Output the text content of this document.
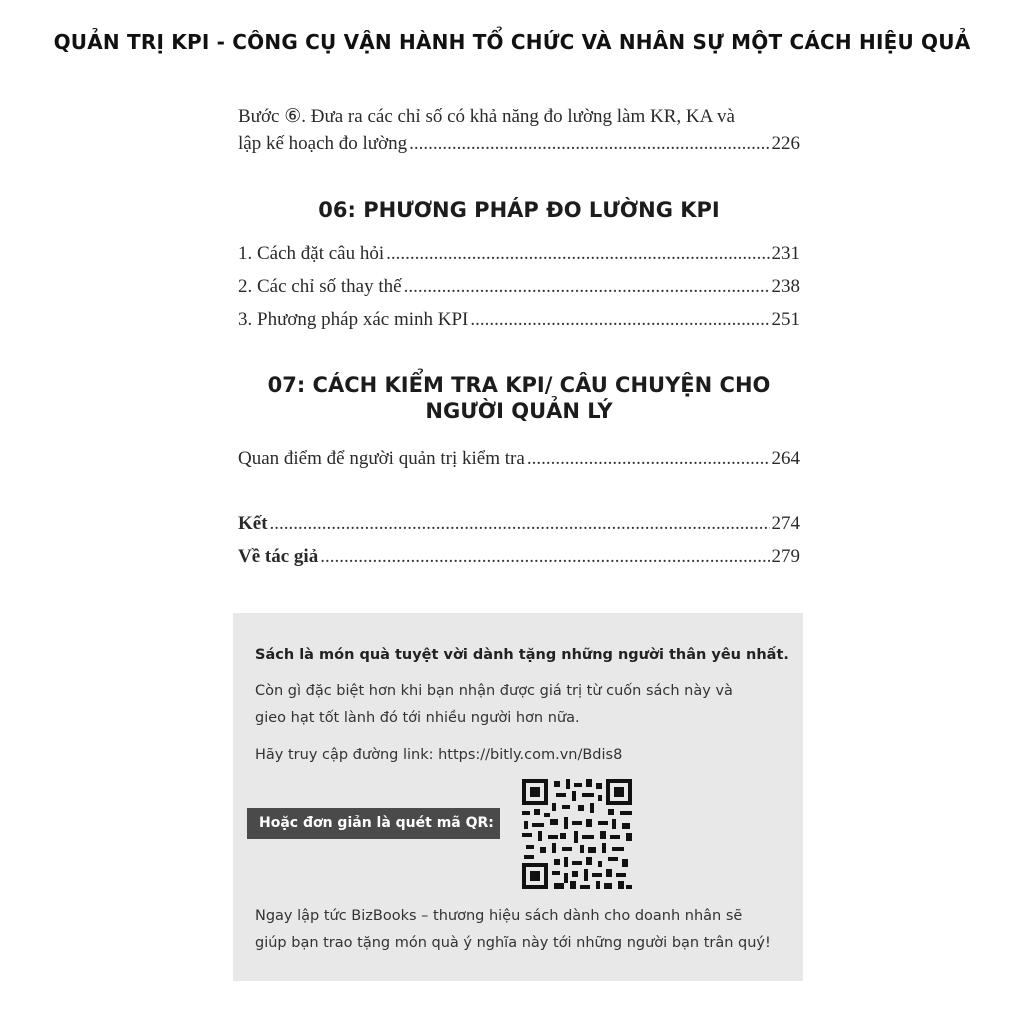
QUẢN TRỊ KPI - CÔNG CỤ VẬN HÀNH TỔ CHỨC VÀ NHÂN SỰ MỘT CÁCH HIỆU QUẢ
Bước ⑥. Đưa ra các chỉ số có khả năng đo lường làm KR, KA và
lập kế hoạch đo lường .....	226
06: PHƯƠNG PHÁP ĐO LƯỜNG KPI
1. Cách đặt câu hỏi .....	231
2. Các chỉ số thay thế .....	238
3. Phương pháp xác minh KPI .....	251
07: CÁCH KIỂM TRA KPI/ CÂU CHUYỆN CHO
NGƯỜI QUẢN LÝ
Quan điểm để người quản trị kiểm tra .....	264
Kết .....	274
Về tác giả .....	279
Sách là món quà tuyệt vời dành tặng những người thân yêu nhất.
Còn gì đặc biệt hơn khi bạn nhận được giá trị từ cuốn sách này và
gieo hạt tốt lành đó tới nhiều người hơn nữa.
Hãy truy cập đường link: https://bitly.com.vn/Bdis8
Hoặc đơn giản là quét mã QR:
Ngay lập tức BizBooks – thương hiệu sách dành cho doanh nhân sẽ
giúp bạn trao tặng món quà ý nghĩa này tới những người bạn trân quý!
